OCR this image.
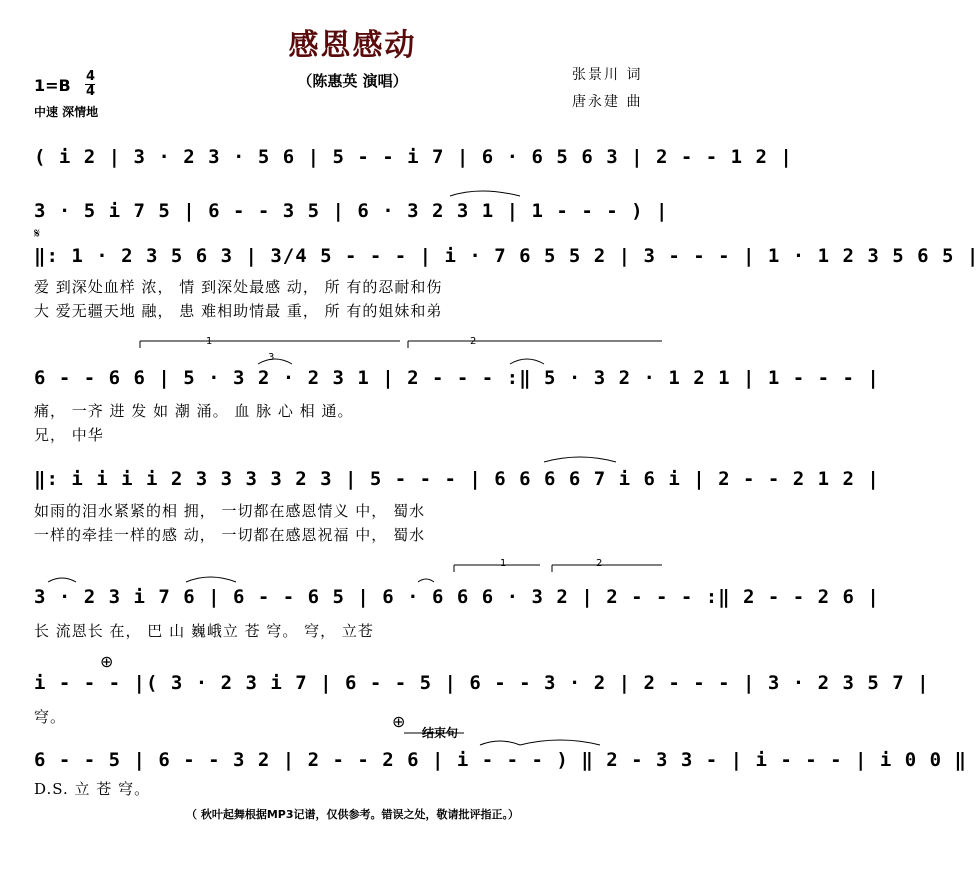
感恩感动
（陈惠英 演唱）	张景川 词
唐永建 曲
1=B 4
4
中速 深情地
( i 2 | 3 · 2 3 · 5 6 | 5 - - i 7 | 6 · 6 5 6 3 | 2 - - 1 2 |
3 · 5 i 7 5 | 6 - - 3 5 | 6 · 3 2 3 1 | 1 - - - ) |
𝄋
‖: 1 · 2 3 5 6 3 | 3/4 5 - - - | i · 7 6 5 5 2 | 3 - - - | 1 · 1 2 3 5 6 5 |
爱 到深处血样 浓， 情 到深处最感 动， 所 有的忍耐和伤
大 爱无疆天地 融， 患 难相助情最 重， 所 有的姐妹和弟
1	2
3
6 - - 6 6 | 5 · 3 2 · 2 3 1 | 2 - - - :‖ 5 · 3 2 · 1 2 1 | 1 - - - |
痛， 一齐 进 发 如 潮 涌。 血 脉 心 相 通。
兄， 中华
‖: i i i i 2 3 3 3 3 2 3 | 5 - - - | 6 6 6 6 7 i 6 i | 2 - - 2 1 2 |
如雨的泪水紧紧的相 拥， 一切都在感恩情义 中， 蜀水
一样的牵挂一样的感 动， 一切都在感恩祝福 中， 蜀水
1	2
3 · 2 3 i 7 6 | 6 - - 6 5 | 6 · 6 6 6 · 3 2 | 2 - - - :‖ 2 - - 2 6 |
长 流恩长 在， 巴 山 巍峨立 苍 穹。 穹， 立苍
⊕
i - - - |( 3 · 2 3 i 7 | 6 - - 5 | 6 - - 3 · 2 | 2 - - - | 3 · 2 3 5 7 |
穹。	⊕
结束句
6 - - 5 | 6 - - 3 2 | 2 - - 2 6 | i - - - ) ‖ 2 - 3 3 - | i - - - | i 0 0 ‖
D.S. 立 苍 穹。
（ 秋叶起舞根据MP3记谱，仅供参考。错误之处，敬请批评指正。）
